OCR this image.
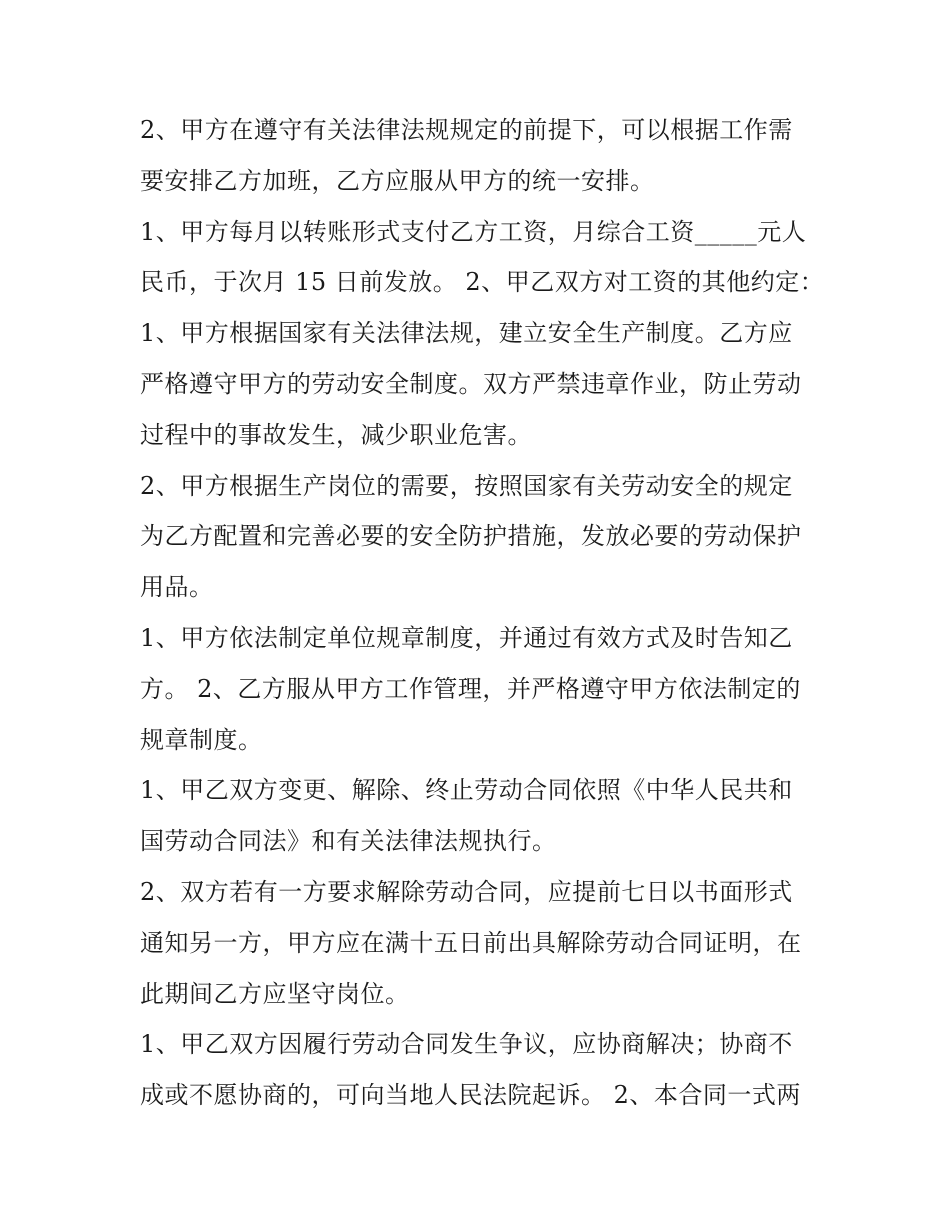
2、甲方在遵守有关法律法规规定的前提下，可以根据工作需
要安排乙方加班，乙方应服从甲方的统一安排。
1、甲方每月以转账形式支付乙方工资，月综合工资_____元人
民币，于次月 15 日前发放。 2、甲乙双方对工资的其他约定：
1、甲方根据国家有关法律法规，建立安全生产制度。乙方应
严格遵守甲方的劳动安全制度。双方严禁违章作业，防止劳动
过程中的事故发生，减少职业危害。
2、甲方根据生产岗位的需要，按照国家有关劳动安全的规定
为乙方配置和完善必要的安全防护措施，发放必要的劳动保护
用品。
1、甲方依法制定单位规章制度，并通过有效方式及时告知乙
方。 2、乙方服从甲方工作管理，并严格遵守甲方依法制定的
规章制度。
1、甲乙双方变更、解除、终止劳动合同依照《中华人民共和
国劳动合同法》和有关法律法规执行。
2、双方若有一方要求解除劳动合同，应提前七日以书面形式
通知另一方，甲方应在满十五日前出具解除劳动合同证明，在
此期间乙方应坚守岗位。
1、甲乙双方因履行劳动合同发生争议，应协商解决；协商不
成或不愿协商的，可向当地人民法院起诉。 2、本合同一式两
